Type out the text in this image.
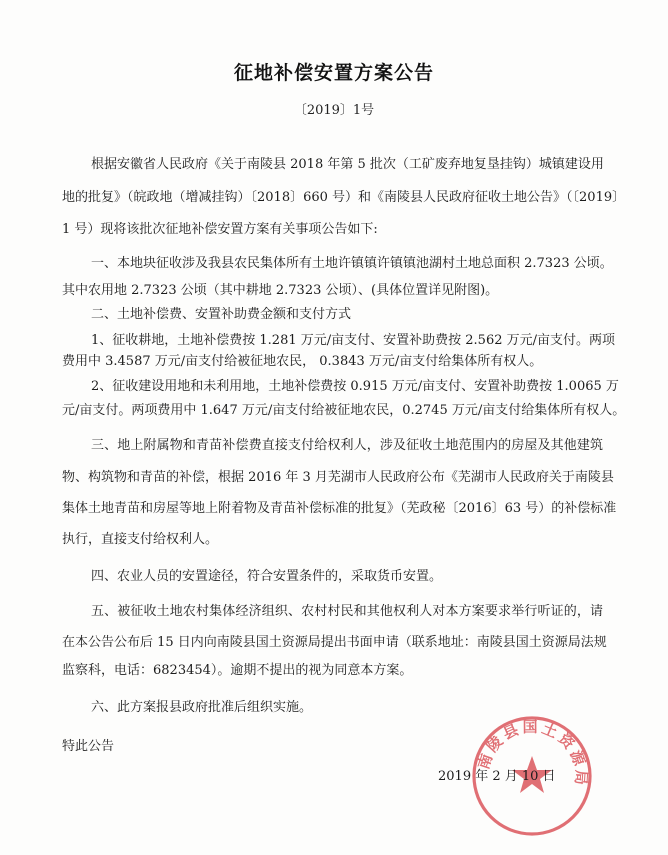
征地补偿安置方案公告
〔2019〕1号
根据安徽省人民政府《关于南陵县 2018 年第 5 批次（工矿废弃地复垦挂钩）城镇建设用
地的批复》（皖政地（增减挂钩）〔2018〕660 号）和《南陵县人民政府征收土地公告》（〔2019〕
1 号）现将该批次征地补偿安置方案有关事项公告如下:
一、本地块征收涉及我县农民集体所有土地许镇镇许镇镇池湖村土地总面积 2.7323 公顷。
其中农用地 2.7323 公顷（其中耕地 2.7323 公顷）、(具体位置详见附图)。
二、土地补偿费、安置补助费金额和支付方式
1、征收耕地，土地补偿费按 1.281 万元/亩支付、安置补助费按 2.562 万元/亩支付。两项
费用中 3.4587 万元/亩支付给被征地农民， 0.3843 万元/亩支付给集体所有权人。
2、征收建设用地和未利用地，土地补偿费按 0.915 万元/亩支付、安置补助费按 1.0065 万
元/亩支付。两项费用中 1.647 万元/亩支付给被征地农民，0.2745 万元/亩支付给集体所有权人。
三、地上附属物和青苗补偿费直接支付给权利人，涉及征收土地范围内的房屋及其他建筑
物、构筑物和青苗的补偿，根据 2016 年 3 月芜湖市人民政府公布《芜湖市人民政府关于南陵县
集体土地青苗和房屋等地上附着物及青苗补偿标准的批复》（芜政秘〔2016〕63 号）的补偿标准
执行，直接支付给权利人。
四、农业人员的安置途径，符合安置条件的，采取货币安置。
五、被征收土地农村集体经济组织、农村村民和其他权利人对本方案要求举行听证的，请
在本公告公布后 15 日内向南陵县国土资源局提出书面申请（联系地址：南陵县国土资源局法规
监察科，电话：6823454）。逾期不提出的视为同意本方案。
六、此方案报县政府批准后组织实施。
特此公告
南陵县国土资源局
2019 年 2 月 10 日
